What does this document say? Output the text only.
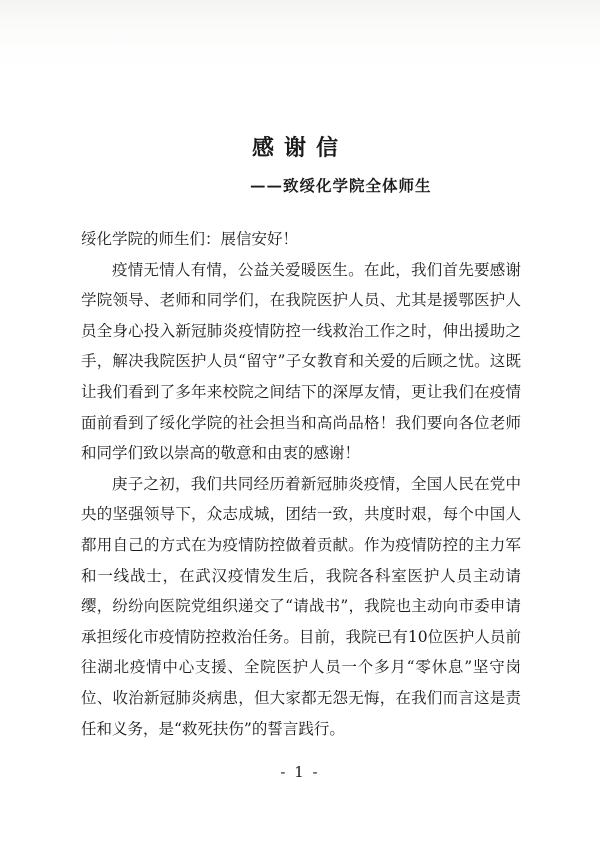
感谢信
——致绥化学院全体师生

绥化学院的师生们：展信安好！

疫情无情人有情，公益关爱暖医生。在此，我们首先要感谢学院领导、老师和同学们，在我院医护人员、尤其是援鄂医护人员全身心投入新冠肺炎疫情防控一线救治工作之时，伸出援助之手，解决我院医护人员“留守”子女教育和关爱的后顾之忧。这既让我们看到了多年来校院之间结下的深厚友情，更让我们在疫情面前看到了绥化学院的社会担当和高尚品格！我们要向各位老师和同学们致以崇高的敬意和由衷的感谢！

庚子之初，我们共同经历着新冠肺炎疫情，全国人民在党中央的坚强领导下，众志成城，团结一致，共度时艰，每个中国人都用自己的方式在为疫情防控做着贡献。作为疫情防控的主力军和一线战士，在武汉疫情发生后，我院各科室医护人员主动请缨，纷纷向医院党组织递交了“请战书”，我院也主动向市委申请承担绥化市疫情防控救治任务。目前，我院已有10位医护人员前往湖北疫情中心支援、全院医护人员一个多月“零休息”坚守岗位、收治新冠肺炎病患，但大家都无怨无悔，在我们而言这是责任和义务，是“救死扶伤”的誓言践行。

- 1 -
